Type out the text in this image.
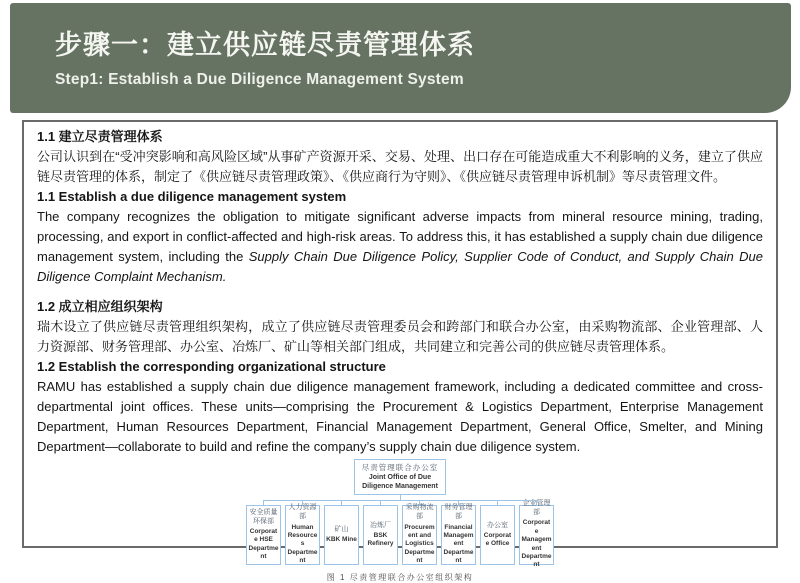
步骤一：建立供应链尽责管理体系
Step1: Establish a Due Diligence Management System

1.1 建立尽责管理体系

公司认识到在“受冲突影响和高风险区域”从事矿产资源开采、交易、处理、出口存在可能造成重大不利影响的义务，建立了供应链尽责管理的体系，制定了《供应链尽责管理政策》、《供应商行为守则》、《供应链尽责管理申诉机制》等尽责管理文件。

1.1 Establish a due diligence management system

The company recognizes the obligation to mitigate significant adverse impacts from mineral resource mining, trading, processing, and export in conflict-affected and high-risk areas. To address this, it has established a supply chain due diligence management system, including the Supply Chain Due Diligence Policy, Supplier Code of Conduct, and Supply Chain Due Diligence Complaint Mechanism.

1.2 成立相应组织架构

瑞木设立了供应链尽责管理组织架构，成立了供应链尽责管理委员会和跨部门和联合办公室，由采购物流部、企业管理部、人力资源部、财务管理部、办公室、冶炼厂、矿山等相关部门组成，共同建立和完善公司的供应链尽责管理体系。

1.2 Establish the corresponding organizational structure

RAMU has established a supply chain due diligence management framework, including a dedicated committee and cross-departmental joint offices. These units—comprising the Procurement & Logistics Department, Enterprise Management Department, Human Resources Department, Financial Management Department, General Office, Smelter, and Mining Department—collaborate to build and refine the company’s supply chain due diligence system.

尽责管理联合办公室
Joint Office of Due Diligence Management
安全质量环保部
Corporate HSE Department
人力资源部
Human Resources Department
矿山
KBK Mine
冶炼厂
BSK Refinery
采购物流部
Procurement and Logistics Department
财务管理部
Financial Management Department
办公室
Corporate Office
企业管理部
Corporate Management Department
图 1 尽责管理联合办公室组织架构
